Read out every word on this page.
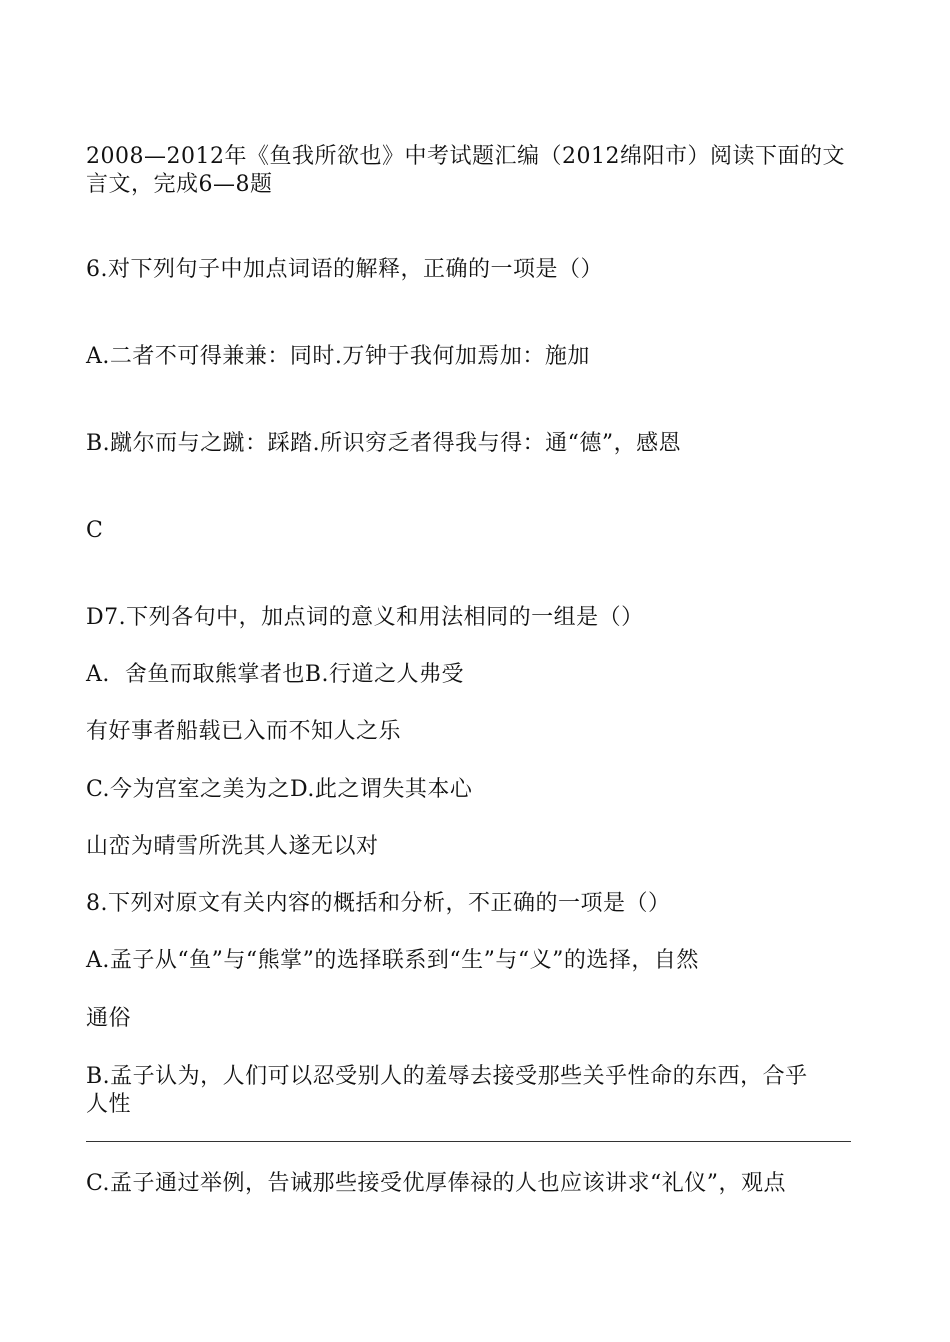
2008—2012年《鱼我所欲也》中考试题汇编（2012绵阳市）阅读下面的文
言文，完成6—8题
6.对下列句子中加点词语的解释，正确的一项是（）
A.二者不可得兼兼：同时.万钟于我何加焉加：施加
B.蹴尔而与之蹴：踩踏.所识穷乏者得我与得：通“德”，感恩
C
D7.下列各句中，加点词的意义和用法相同的一组是（）
A.  舍鱼而取熊掌者也B.行道之人弗受
有好事者船载已入而不知人之乐
C.今为宫室之美为之D.此之谓失其本心
山峦为晴雪所洗其人遂无以对
8.下列对原文有关内容的概括和分析，不正确的一项是（）
A.孟子从“鱼”与“熊掌”的选择联系到“生”与“义”的选择，自然
通俗
B.孟子认为，人们可以忍受别人的羞辱去接受那些关乎性命的东西，合乎
人性
C.孟子通过举例，告诫那些接受优厚俸禄的人也应该讲求“礼仪”，观点
